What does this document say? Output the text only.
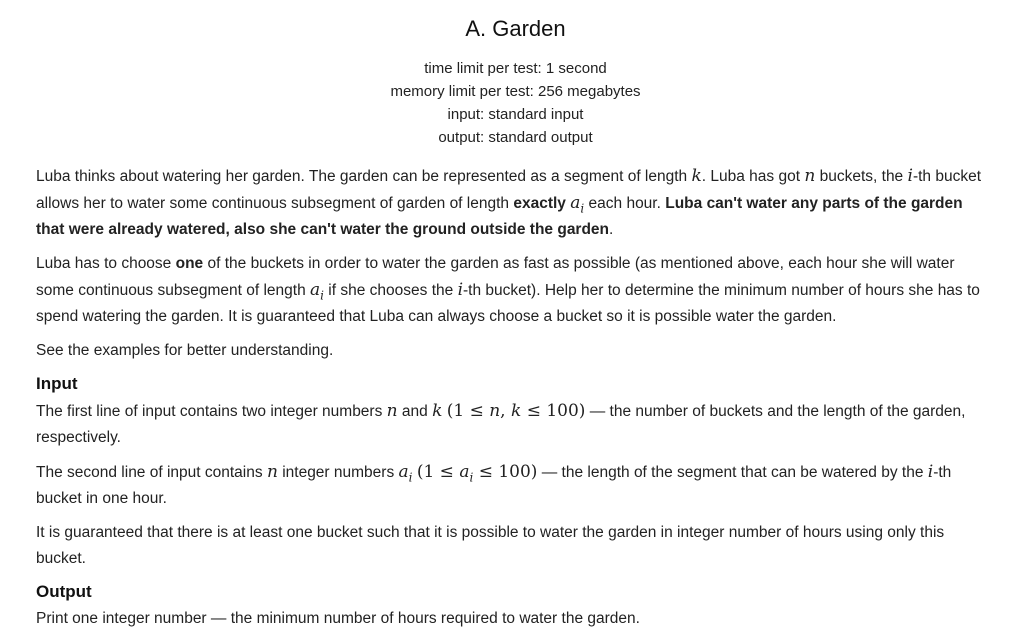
A. Garden
time limit per test: 1 second
memory limit per test: 256 megabytes
input: standard input
output: standard output

Luba thinks about watering her garden. The garden can be represented as a segment of length k. Luba has got n buckets, the i-th bucket allows her to water some continuous subsegment of garden of length exactly $a_i$ each hour. Luba can't water any parts of the garden that were already watered, also she can't water the ground outside the garden.

Luba has to choose one of the buckets in order to water the garden as fast as possible (as mentioned above, each hour she will water some continuous subsegment of length $a_i$ if she chooses the i-th bucket). Help her to determine the minimum number of hours she has to spend watering the garden. It is guaranteed that Luba can always choose a bucket so it is possible water the garden.

See the examples for better understanding.

Input

The first line of input contains two integer numbers n and k (1 ≤ n, k ≤ 100) — the number of buckets and the length of the garden, respectively.

The second line of input contains n integer numbers $a_i$ $(1 \le a_i \le 100)$ — the length of the segment that can be watered by the i-th bucket in one hour.

It is guaranteed that there is at least one bucket such that it is possible to water the garden in integer number of hours using only this bucket.

Output

Print one integer number — the minimum number of hours required to water the garden.
